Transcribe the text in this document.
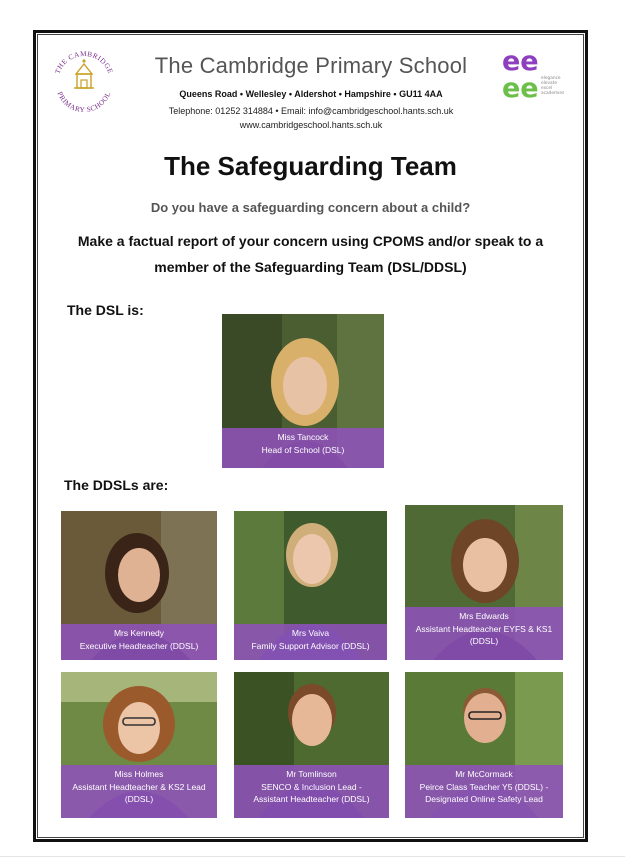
THE CAMBRIDGE
PRIMARY SCHOOL
ee
ee elegance
elevate
excel
academies
The Cambridge Primary School
Queens Road • Wellesley • Aldershot • Hampshire • GU11 4AA
Telephone: 01252 314884 • Email: info@cambridgeschool.hants.sch.uk
www.cambridgeschool.hants.sch.uk
The Safeguarding Team
Do you have a safeguarding concern about a child?
Make a factual report of your concern using CPOMS and/or speak to a
member of the Safeguarding Team (DSL/DDSL)
The DSL is:
Miss Tancock
Head of School (DSL)
The DDSLs are:
Mrs Kennedy
Executive Headteacher (DDSL)
Mrs Vaiva
Family Support Advisor (DDSL)
Mrs Edwards
Assistant Headteacher EYFS & KS1
(DDSL)
Miss Holmes
Assistant Headteacher & KS2 Lead
(DDSL)
Mr Tomlinson
SENCO & Inclusion Lead -
Assistant Headteacher (DDSL)
Mr McCormack
Peirce Class Teacher Y5 (DDSL) -
Designated Online Safety Lead
